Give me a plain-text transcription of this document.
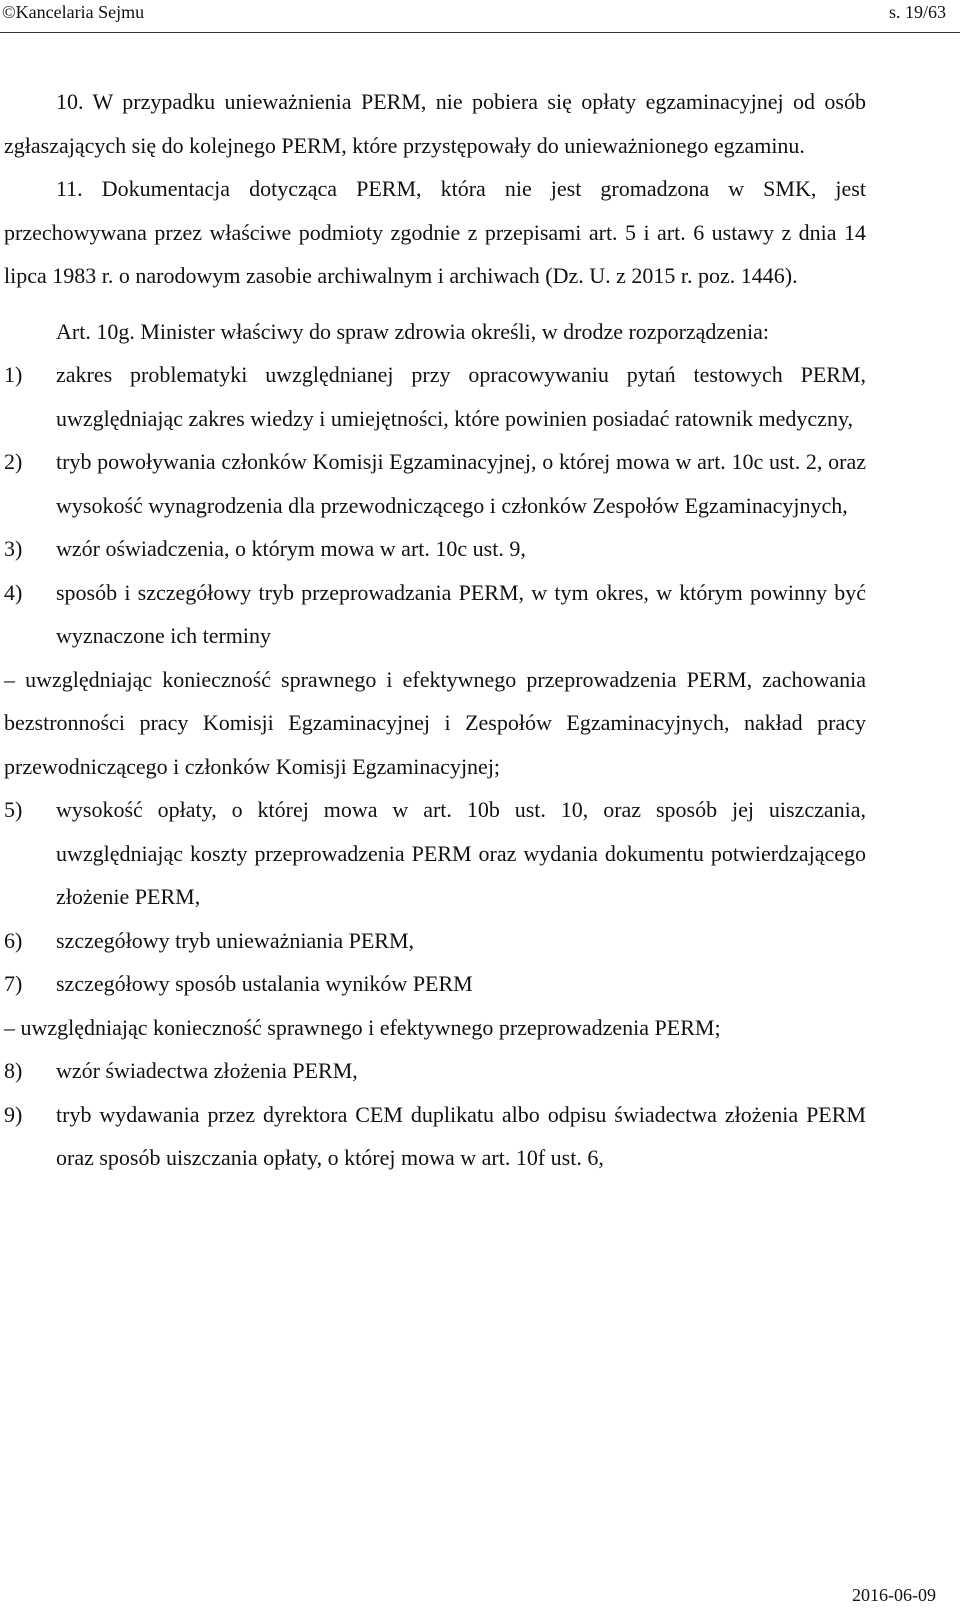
©Kancelaria Sejmu	s. 19/63

10. W przypadku unieważnienia PERM, nie pobiera się opłaty egzaminacyjnej od osób zgłaszających się do kolejnego PERM, które przystępowały do unieważnionego egzaminu.

11. Dokumentacja dotycząca PERM, która nie jest gromadzona w SMK, jest przechowywana przez właściwe podmioty zgodnie z przepisami art. 5 i art. 6 ustawy z dnia 14 lipca 1983 r. o narodowym zasobie archiwalnym i archiwach (Dz. U. z 2015 r. poz. 1446).

Art. 10g. Minister właściwy do spraw zdrowia określi, w drodze rozporządzenia:

1)	zakres problematyki uwzględnianej przy opracowywaniu pytań testowych PERM, uwzględniając zakres wiedzy i umiejętności, które powinien posiadać ratownik medyczny,
2)	tryb powoływania członków Komisji Egzaminacyjnej, o której mowa w art. 10c ust. 2, oraz wysokość wynagrodzenia dla przewodniczącego i członków Zespołów Egzaminacyjnych,
3)	wzór oświadczenia, o którym mowa w art. 10c ust. 9,
4)	sposób i szczegółowy tryb przeprowadzania PERM, w tym okres, w którym powinny być wyznaczone ich terminy

– uwzględniając konieczność sprawnego i efektywnego przeprowadzenia PERM, zachowania bezstronności pracy Komisji Egzaminacyjnej i Zespołów Egzaminacyjnych, nakład pracy przewodniczącego i członków Komisji Egzaminacyjnej;

5)	wysokość opłaty, o której mowa w art. 10b ust. 10, oraz sposób jej uiszczania, uwzględniając koszty przeprowadzenia PERM oraz wydania dokumentu potwierdzającego złożenie PERM,
6)	szczegółowy tryb unieważniania PERM,
7)	szczegółowy sposób ustalania wyników PERM

– uwzględniając konieczność sprawnego i efektywnego przeprowadzenia PERM;

8)	wzór świadectwa złożenia PERM,
9)	tryb wydawania przez dyrektora CEM duplikatu albo odpisu świadectwa złożenia PERM oraz sposób uiszczania opłaty, o której mowa w art. 10f ust. 6,
2016-06-09
